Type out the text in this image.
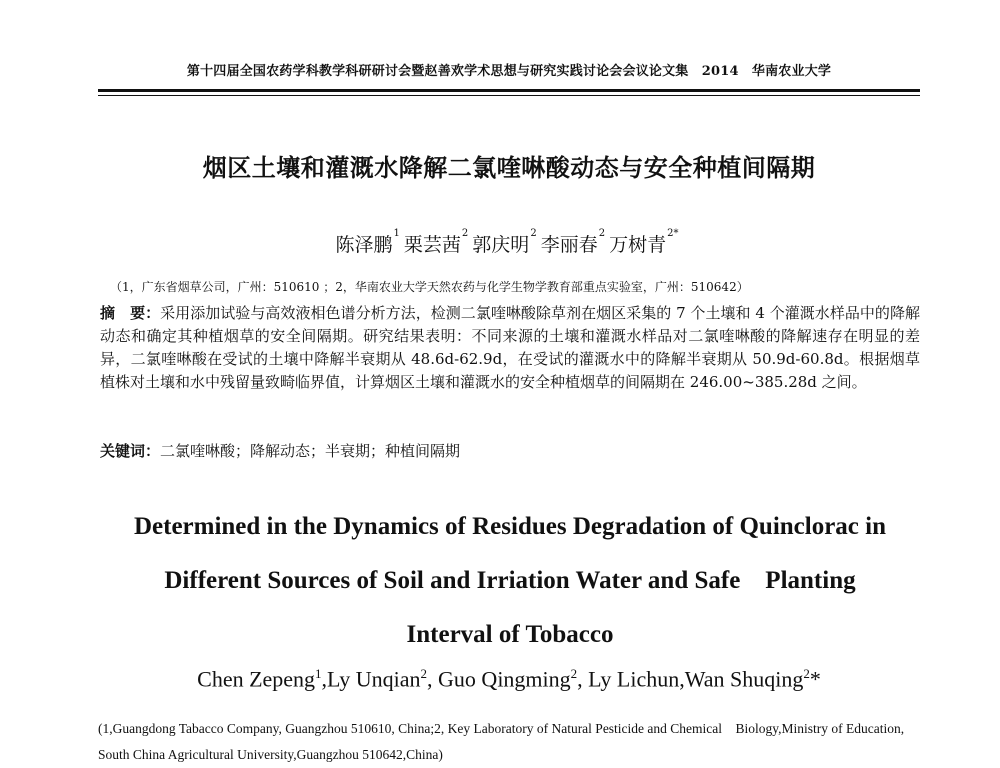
第十四届全国农药学科教学科研研讨会暨赵善欢学术思想与研究实践讨论会会议论文集　2014　华南农业大学
烟区土壤和灌溉水降解二氯喹啉酸动态与安全种植间隔期
陈泽鹏$^1$栗芸茜$^2$郭庆明$^2$李丽春$^2$万树青$^{2*}$
（1，广东省烟草公司，广州：510610 ；2，华南农业大学天然农药与化学生物学教育部重点实验室，广州：510642）
摘　要：采用添加试验与高效液相色谱分析方法，检测二氯喹啉酸除草剂在烟区采集的 7 个土壤和 4 个灌溉水样品中的降解动态和确定其种植烟草的安全间隔期。研究结果表明：不同来源的土壤和灌溉水样品对二氯喹啉酸的降解速存在明显的差异，二氯喹啉酸在受试的土壤中降解半衰期从 48.6d-62.9d，在受试的灌溉水中的降解半衰期从 50.9d-60.8d。根据烟草植株对土壤和水中残留量致畸临界值，计算烟区土壤和灌溉水的安全种植烟草的间隔期在 246.00~385.28d 之间。
关键词：二氯喹啉酸；降解动态；半衰期；种植间隔期
Determined in the Dynamics of Residues Degradation of Quinclorac in
Different Sources of Soil and Irriation Water and Safe　Planting
Interval of Tobacco
Chen Zepeng$^1$,Ly Unqian$^2$, Guo Qingming$^2$, Ly Lichun,Wan Shuqing$^2$*
(1,Guangdong Tabacco Company, Guangzhou 510610, China;2, Key Laboratory of Natural Pesticide and Chemical　Biology,Ministry of Education, South China Agricultural University,Guangzhou 510642,China)
